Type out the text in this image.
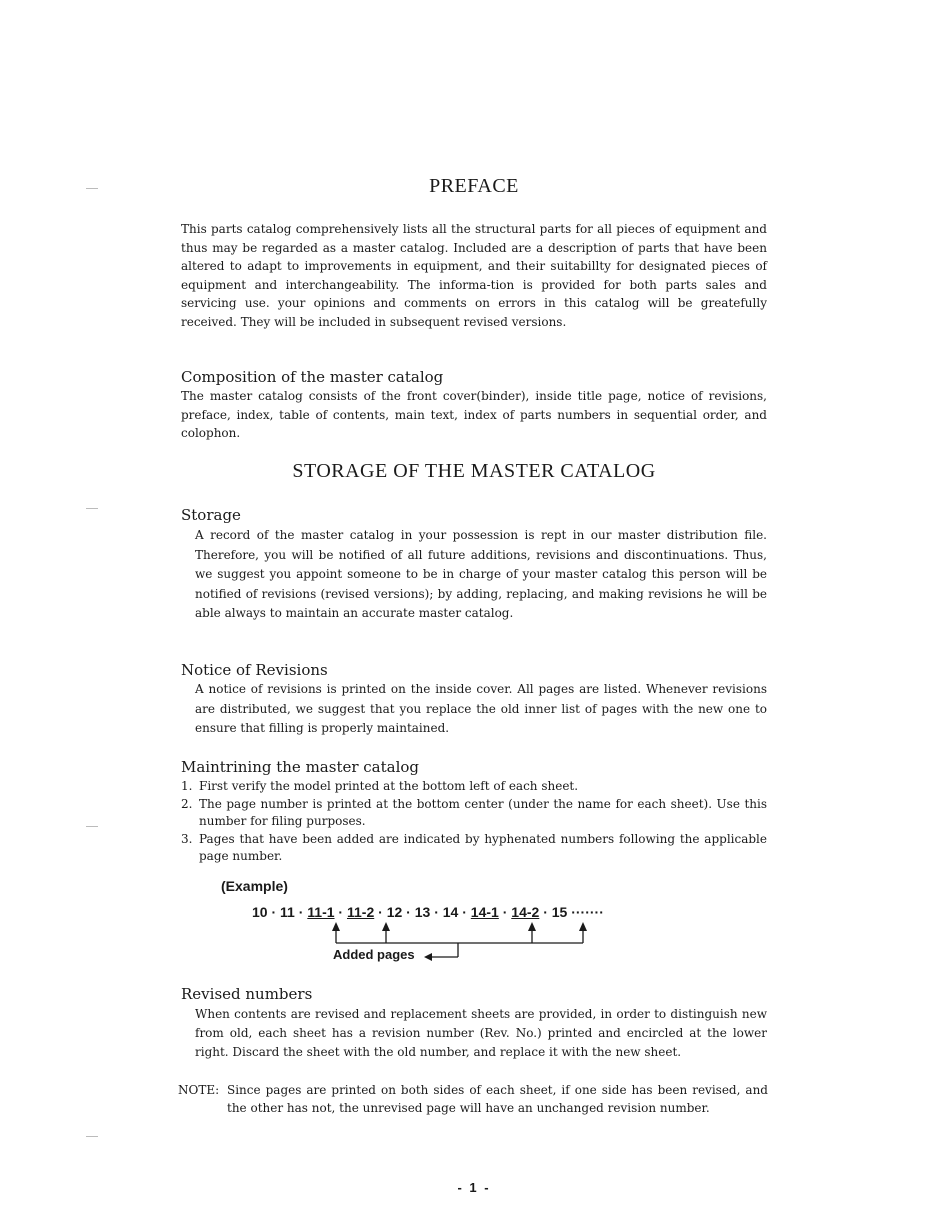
PREFACE

This parts catalog comprehensively lists all the structural parts for all pieces of equipment and thus may be regarded as a master catalog. Included are a description of parts that have been altered to adapt to improvements in equipment, and their suitabillty for designated pieces of equipment and interchangeability. The informa-tion is provided for both parts sales and servicing use. your opinions and comments on errors in this catalog will be greatefully received. They will be included in subsequent revised versions.

Composition of the master catalog

The master catalog consists of the front cover(binder), inside title page, notice of revisions, preface, index, table of contents, main text, index of parts numbers in sequential order, and colophon.

STORAGE OF THE MASTER CATALOG
Storage

A record of the master catalog in your possession is rept in our master distribution file. Therefore, you will be notified of all future additions, revisions and discontinuations. Thus, we suggest you appoint someone to be in charge of your master catalog this person will be notified of revisions (revised versions); by adding, replacing, and making revisions he will be able always to maintain an accurate master catalog.

Notice of Revisions

A notice of revisions is printed on the inside cover. All pages are listed. Whenever revisions are distributed, we suggest that you replace the old inner list of pages with the new one to ensure that filling is properly maintained.

Maintrining the master catalog
1. First verify the model printed at the bottom left of each sheet.
2. The page number is printed at the bottom center (under the name for each sheet). Use this number for filing purposes.
3. Pages that have been added are indicated by hyphenated numbers following the applicable page number.
(Example)
10 · 11 · 11-1 · 11-2 · 12 · 13 · 14 · 14-1 · 14-2 · 15 ·······
Added pages
Revised numbers

When contents are revised and replacement sheets are provided, in order to distinguish new from old, each sheet has a revision number (Rev. No.) printed and encircled at the lower right. Discard the sheet with the old number, and replace it with the new sheet.

NOTE: Since pages are printed on both sides of each sheet, if one side has been revised, and the other has not, the unrevised page will have an unchanged revision number.
- 1 -
